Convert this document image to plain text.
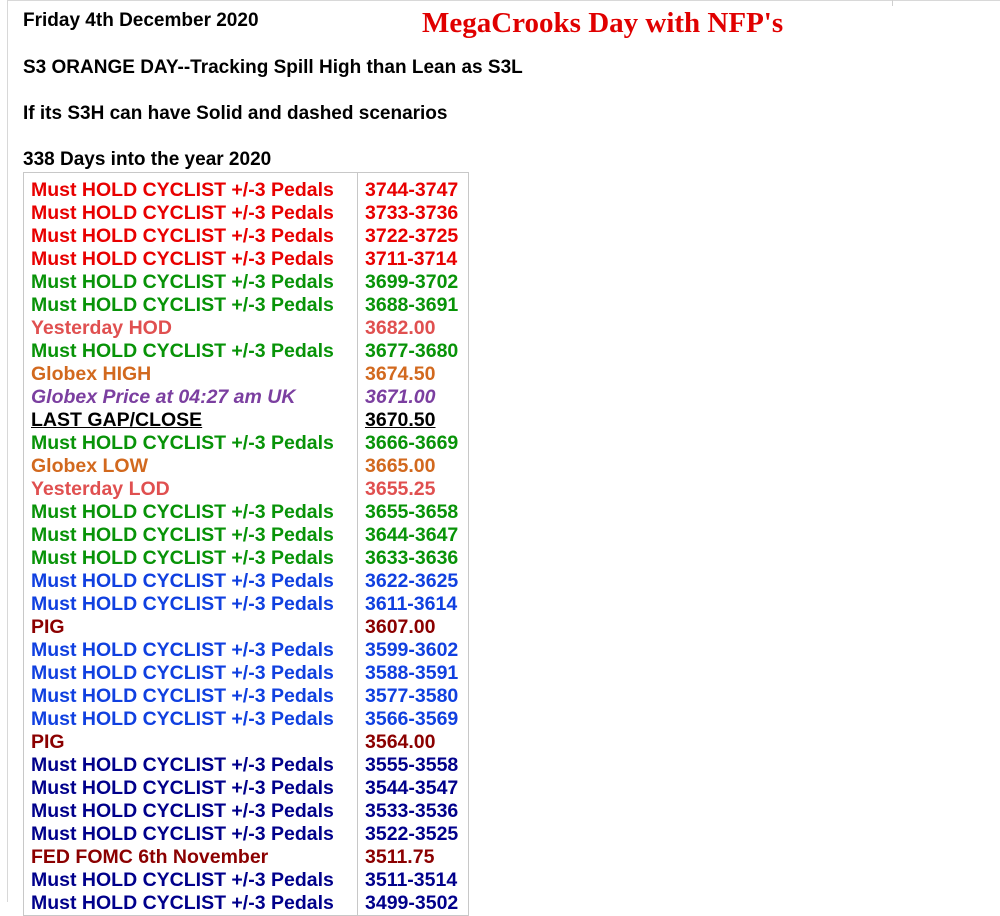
Friday 4th December 2020	MegaCrooks Day with NFP's
S3 ORANGE DAY--Tracking Spill High than Lean as S3L
If its S3H can have Solid and dashed scenarios
338 Days into the year 2020
Must HOLD CYCLIST +/-3 Pedals	3744-3747
Must HOLD CYCLIST +/-3 Pedals	3733-3736
Must HOLD CYCLIST +/-3 Pedals	3722-3725
Must HOLD CYCLIST +/-3 Pedals	3711-3714
Must HOLD CYCLIST +/-3 Pedals	3699-3702
Must HOLD CYCLIST +/-3 Pedals	3688-3691
Yesterday HOD	3682.00
Must HOLD CYCLIST +/-3 Pedals	3677-3680
Globex HIGH	3674.50
Globex Price at 04:27 am UK	3671.00
LAST GAP/CLOSE	3670.50
Must HOLD CYCLIST +/-3 Pedals	3666-3669
Globex LOW	3665.00
Yesterday LOD	3655.25
Must HOLD CYCLIST +/-3 Pedals	3655-3658
Must HOLD CYCLIST +/-3 Pedals	3644-3647
Must HOLD CYCLIST +/-3 Pedals	3633-3636
Must HOLD CYCLIST +/-3 Pedals	3622-3625
Must HOLD CYCLIST +/-3 Pedals	3611-3614
PIG	3607.00
Must HOLD CYCLIST +/-3 Pedals	3599-3602
Must HOLD CYCLIST +/-3 Pedals	3588-3591
Must HOLD CYCLIST +/-3 Pedals	3577-3580
Must HOLD CYCLIST +/-3 Pedals	3566-3569
PIG	3564.00
Must HOLD CYCLIST +/-3 Pedals	3555-3558
Must HOLD CYCLIST +/-3 Pedals	3544-3547
Must HOLD CYCLIST +/-3 Pedals	3533-3536
Must HOLD CYCLIST +/-3 Pedals	3522-3525
FED FOMC 6th November	3511.75
Must HOLD CYCLIST +/-3 Pedals	3511-3514
Must HOLD CYCLIST +/-3 Pedals	3499-3502
